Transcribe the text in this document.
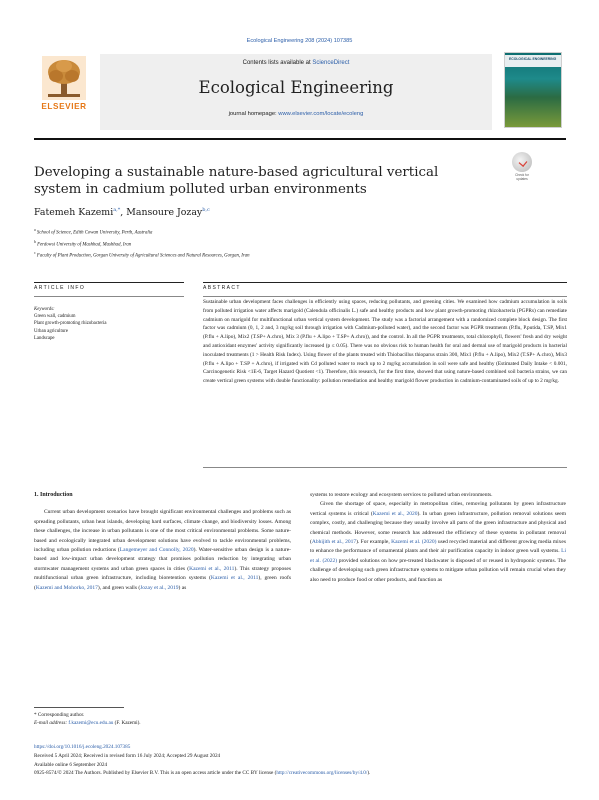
Ecological Engineering 208 (2024) 107385
ELSEVIER
Contents lists available at ScienceDirect
Ecological Engineering
journal homepage: www.elsevier.com/locate/ecoleng
ECOLOGICAL ENGINEERING
Developing a sustainable nature-based agricultural vertical system in cadmium polluted urban environments
Check for updates
Fatemeh Kazemi$^{a,*}$, Mansoure Jozay$^{b,c}$
$^a$ School of Science, Edith Cowan University, Perth, Australia
$^b$ Ferdowsi University of Mashhad, Mashhad, Iran
$^c$ Faculty of Plant Production, Gorgan University of Agricultural Sciences and Natural Resources, Gorgan, Iran
ARTICLE INFO	ABSTRACT
Keywords:
Green wall, cadmium
Plant growth-promoting rhizobacteria
Urban agriculture
Landscape
Sustainable urban development faces challenges in efficiently using spaces, reducing pollutants, and greening cities. We examined how cadmium accumulation in soils from polluted irrigation water affects marigold (Calendula officinalis L.) safe and healthy products and how plant growth-promoting rhizobacteria (PGPRs) can remediate cadmium on marigold for multifunctional urban vertical system development. The study was a factorial arrangement with a randomized complete block design. The first factor was cadmium (0, 1, 2 and, 3 mg/kg soil through irrigation with Cadmium-polluted water), and the second factor was PGPR treatments (P.flu, P.putida, T.SP, Mix1 (P.flu + A.lipo), Mix2 (T.SP+ A.chro), Mix 3 (P.flu + A.lipo + T.SP+ A.chro)), and the control. In all the PGPR treatments, total chlorophyll, flowers' fresh and dry weight and antioxidant enzymes' activity significantly increased (p ≤ 0.05). There was no obvious risk to human health for oral and dermal use of marigold products in bacterial inoculated treatments (1 > Health Risk Index). Using flower of the plants treated with Thiobacillus thioparus strain 300, Mix1 (P.flu + A.lipo), Mix2 (T.SP+ A.chro), Mix3 (P.flu + A.lipo + T.SP + A.chro), if irrigated with Cd polluted water to reach up to 2 mg/kg accumulation in soil were safe and healthy (Estimated Daily Intake < 0.001, Carcinogenetic Risk <1E-6, Target Hazard Quotient <1). Therefore, this research, for the first time, showed that using nature-based combined soil bacteria strains, we can create vertical green systems with double functionality: pollution remediation and healthy marigold flower production in cadmium-contaminated soils of up to 2 mg/kg.
1. Introduction
Current urban development scenarios have brought significant environmental challenges and problems such as spreading pollutants, urban heat islands, developing hard surfaces, climate change, and biodiversity losses. Among these challenges, the increase in urban pollutants is one of the most critical environmental problems. Some nature-based and ecologically integrated urban development solutions have evolved to tackle environmental problems, including urban pollution reductions (Langemeyer and Connolly, 2020). Water-sensitive urban design is a nature-based and low-impact urban development strategy that promises pollution reduction by integrating urban stormwater management systems and urban green spaces in cities (Kazemi et al., 2011). This strategy proposes multifunctional urban green infrastructure, including bioretention systems (Kazemi et al., 2011), green roofs (Kazemi and Mohorko, 2017), and green walls (Jozay et al., 2019) as
systems to restore ecology and ecosystem services to polluted urban environments.
Given the shortage of space, especially in metropolitan cities, removing pollutants by green infrastructure vertical systems is critical (Kazemi et al., 2020). In urban green infrastructure, pollution removal solutions seem complex, costly, and challenging because they usually involve all parts of the green infrastructure and physical and chemical methods. However, some research has addressed the efficiency of these systems in pollutant removal (Abhijith et al., 2017). For example, Kazemi et al. (2020) used recycled material and different growing media mixes to enhance the performance of ornamental plants and their air purification capacity in indoor green wall systems. Li et al. (2022) provided solutions on how pre-treated blackwater is disposed of or reused in hydroponic systems. The challenge of developing such green infrastructure systems to mitigate urban pollution will remain crucial when they also need to produce food or other products, and function as
* Corresponding author.
E-mail address: f.kazemi@ecu.edu.au (F. Kazemi).
https://doi.org/10.1016/j.ecoleng.2024.107385
Received 5 April 2024; Received in revised form 16 July 2024; Accepted 29 August 2024
Available online 6 September 2024
0925-8574/© 2024 The Authors. Published by Elsevier B.V. This is an open access article under the CC BY license (http://creativecommons.org/licenses/by/4.0/).
